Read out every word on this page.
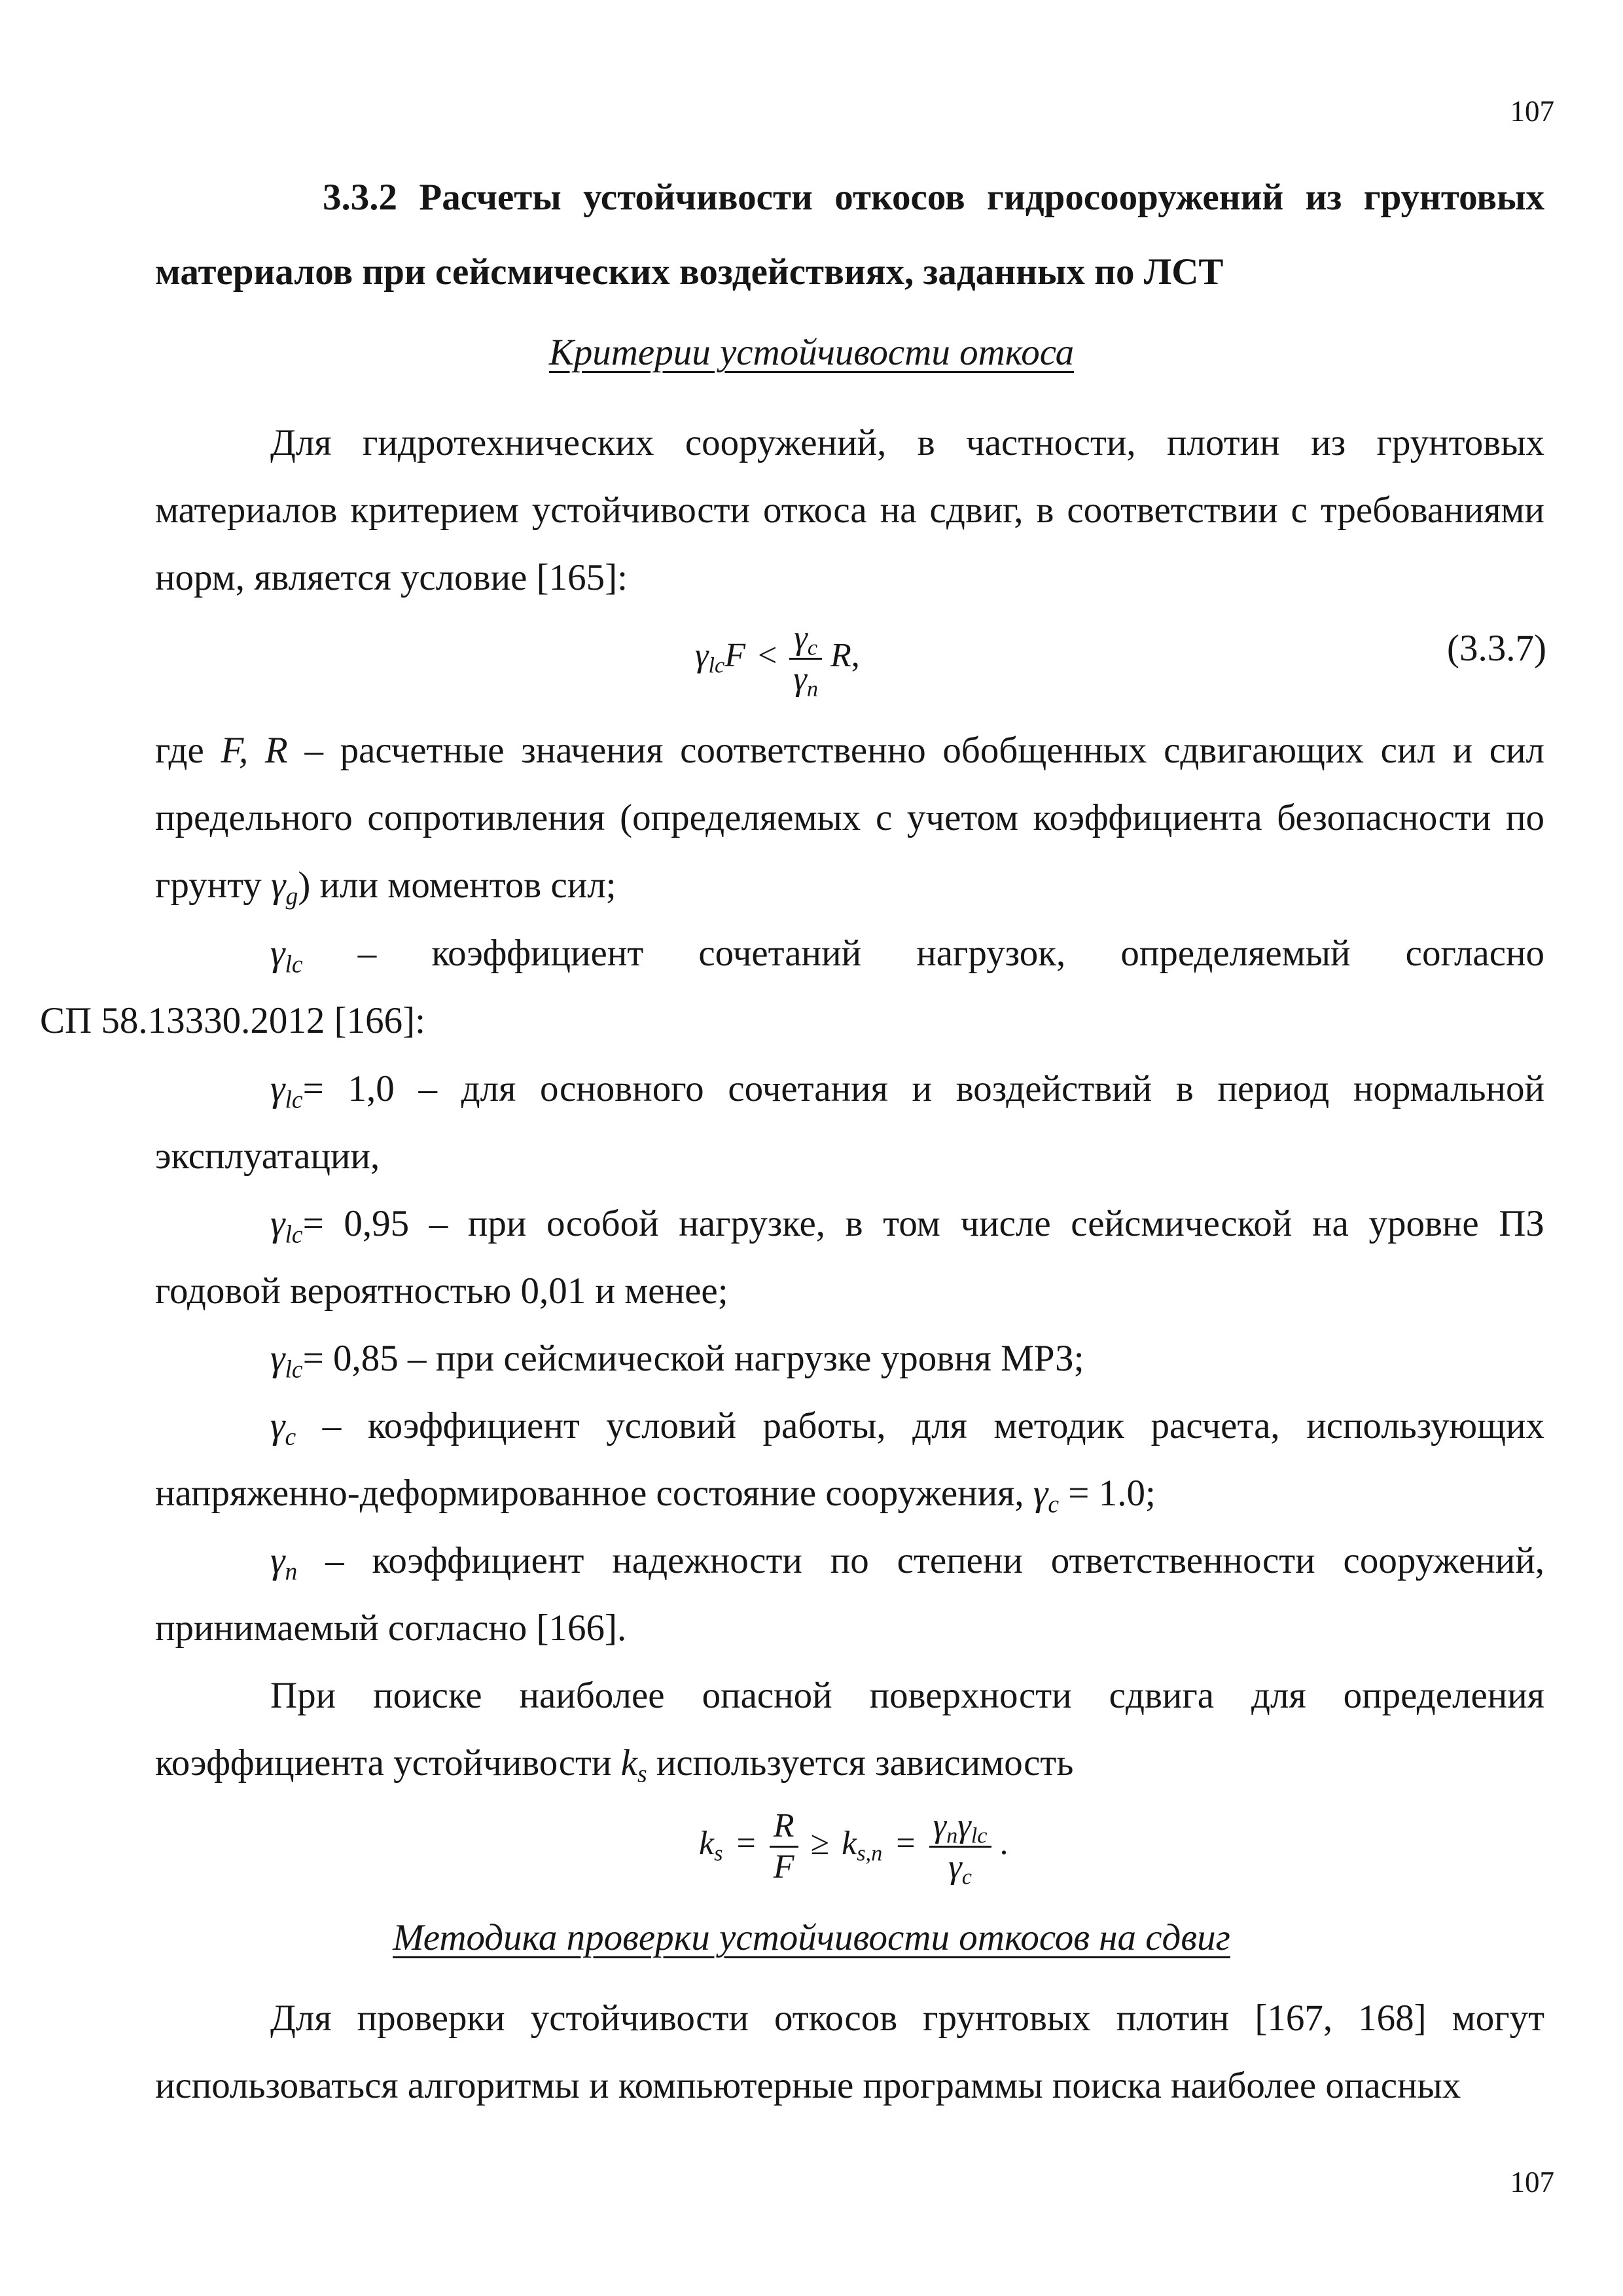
107
3.3.2 Расчеты устойчивости откосов гидросооружений из грунтовых материалов при сейсмических воздействиях, заданных по ЛСТ
Критерии устойчивости откоса
Для гидротехнических сооружений, в частности, плотин из грунтовых материалов критерием устойчивости откоса на сдвиг, в соответствии с требованиями норм, является условие [165]:
$\gamma_{lc}F < \frac{\gamma_c}{\gamma_n} R$,	(3.3.7)
где F, R – расчетные значения соответственно обобщенных сдвигающих сил и сил предельного сопротивления (определяемых с учетом коэффициента безопасности по грунту $\gamma_g$) или моментов сил;
$\gamma_{lc}$ – коэффициент сочетаний нагрузок, определяемый согласно
СП 58.13330.2012 [166]:
$\gamma_{lc}= 1,0$ – для основного сочетания и воздействий в период нормальной эксплуатации,
$\gamma_{lc}= 0,95$ – при особой нагрузке, в том числе сейсмической на уровне ПЗ годовой вероятностью 0,01 и менее;
$\gamma_{lc}= 0,85$ – при сейсмической нагрузке уровня МРЗ;
$\gamma_c$ – коэффициент условий работы, для методик расчета, использующих напряженно-деформированное состояние сооружения, $\gamma_c = 1.0$;
$\gamma_n$ – коэффициент надежности по степени ответственности сооружений, принимаемый согласно [166].
При поиске наиболее опасной поверхности сдвига для определения коэффициента устойчивости $k_s$ используется зависимость
$k_s = \frac{R}{F} \ge k_{s,n} = \frac{\gamma_n\gamma_{lc}}{\gamma_c}$ .
Методика проверки устойчивости откосов на сдвиг
Для проверки устойчивости откосов грунтовых плотин [167, 168] могут использоваться алгоритмы и компьютерные программы поиска наиболее опасных
107
